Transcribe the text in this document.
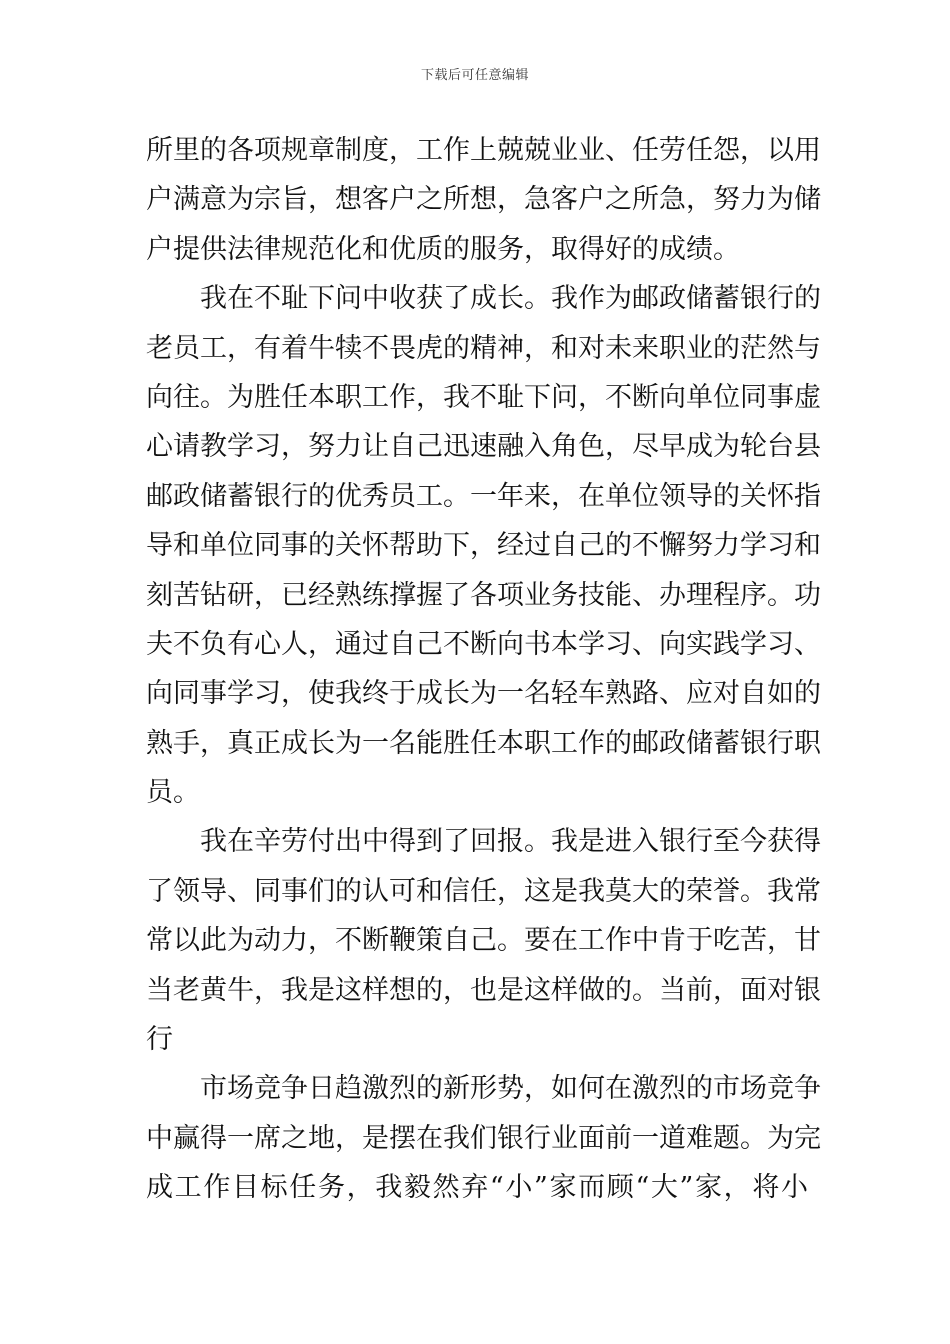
下载后可任意编辑
所里的各项规章制度，工作上兢兢业业、任劳任怨，以用
户满意为宗旨，想客户之所想，急客户之所急，努力为储
户提供法律规范化和优质的服务，取得好的成绩。
我在不耻下问中收获了成长。我作为邮政储蓄银行的
老员工，有着牛犊不畏虎的精神，和对未来职业的茫然与
向往。为胜任本职工作，我不耻下问，不断向单位同事虚
心请教学习，努力让自己迅速融入角色，尽早成为轮台县
邮政储蓄银行的优秀员工。一年来，在单位领导的关怀指
导和单位同事的关怀帮助下，经过自己的不懈努力学习和
刻苦钻研，已经熟练撑握了各项业务技能、办理程序。功
夫不负有心人，通过自己不断向书本学习、向实践学习、
向同事学习，使我终于成长为一名轻车熟路、应对自如的
熟手，真正成长为一名能胜任本职工作的邮政储蓄银行职
员。
我在辛劳付出中得到了回报。我是进入银行至今获得
了领导、同事们的认可和信任，这是我莫大的荣誉。我常
常以此为动力，不断鞭策自己。要在工作中肯于吃苦，甘
当老黄牛，我是这样想的，也是这样做的。当前，面对银
行
市场竞争日趋激烈的新形势，如何在激烈的市场竞争
中赢得一席之地，是摆在我们银行业面前一道难题。为完
成工作目标任务，我毅然弃“小”家而顾“大”家，将小
